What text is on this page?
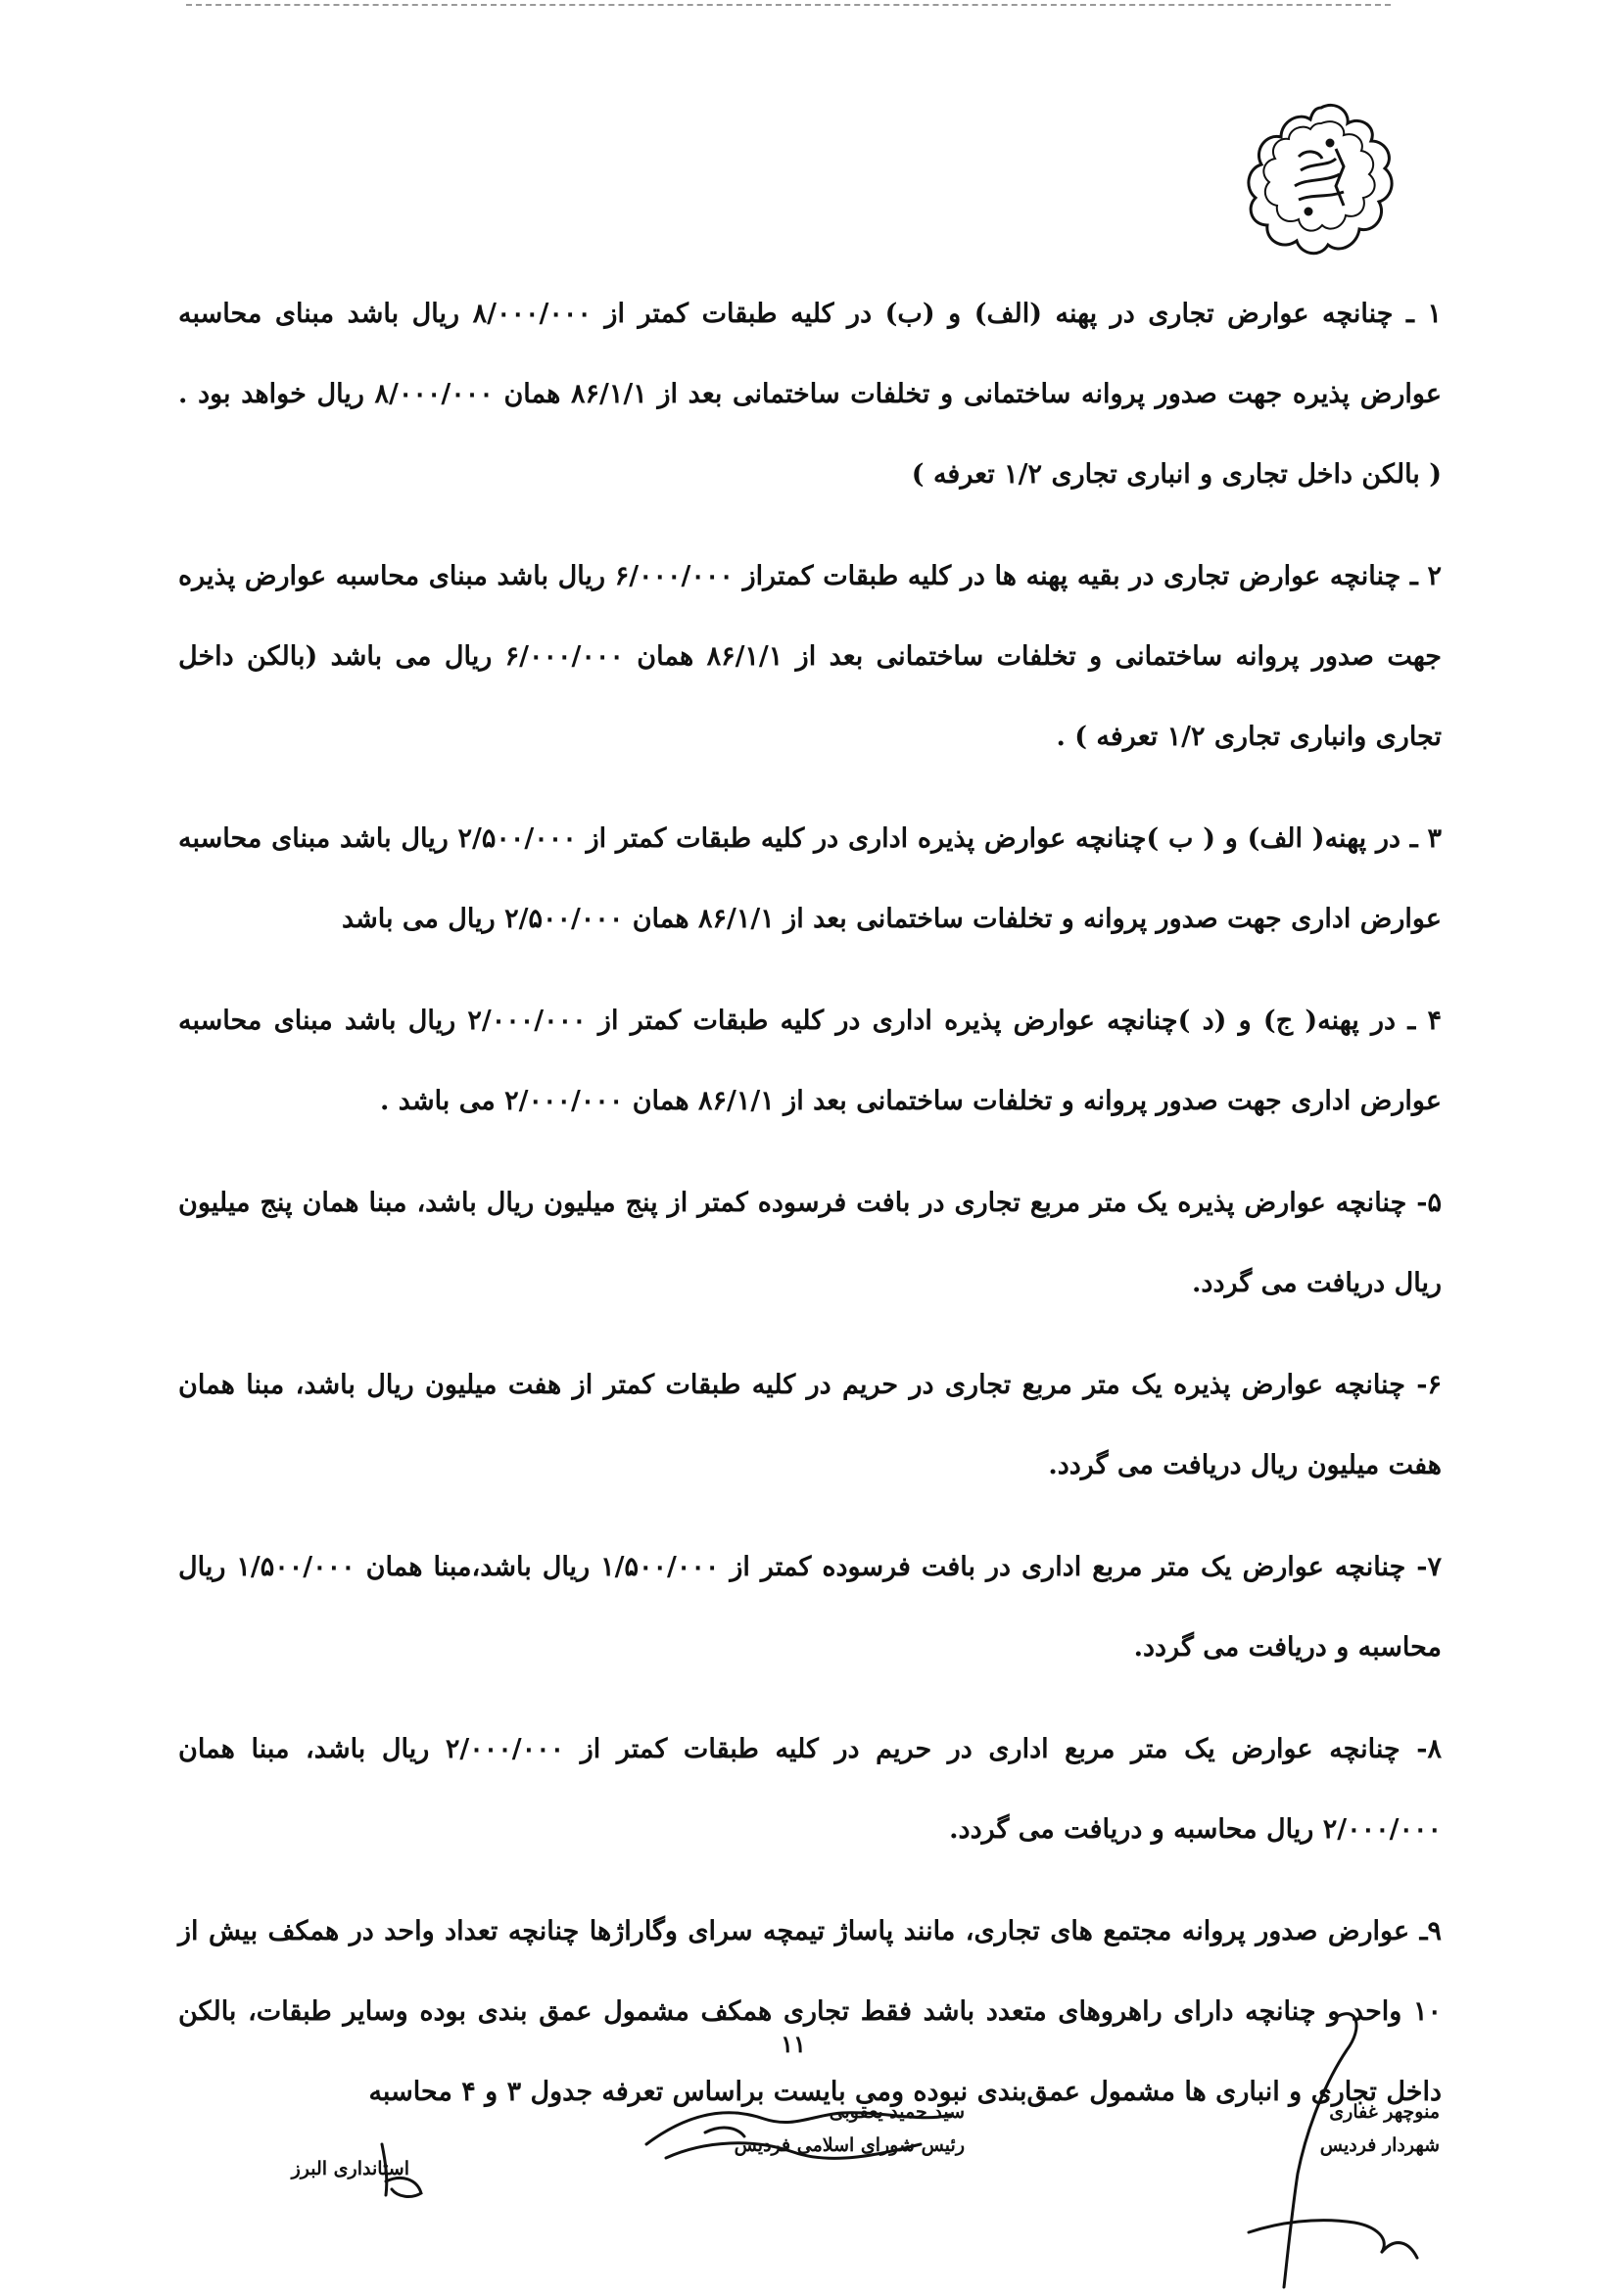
۱ ـ چنانچه عوارض تجاری در پهنه (الف) و (ب) در کلیه طبقات کمتر از ۸/۰۰۰/۰۰۰ ریال باشد مبنای محاسبه عوارض پذیره جهت صدور پروانه ساختمانی و تخلفات ساختمانی بعد از ۸۶/۱/۱ همان ۸/۰۰۰/۰۰۰ ریال خواهد بود . ( بالکن داخل تجاری و انباری تجاری ۱/۲ تعرفه )

۲ ـ چنانچه عوارض تجاری در بقیه پهنه ها در کلیه طبقات کمتراز ۶/۰۰۰/۰۰۰ ریال باشد مبنای محاسبه عوارض پذیره جهت صدور پروانه ساختمانی و تخلفات ساختمانی بعد از ۸۶/۱/۱ همان ۶/۰۰۰/۰۰۰ ریال می باشد (بالکن داخل تجاری وانباری تجاری ۱/۲ تعرفه ) .

۳ ـ در پهنه( الف) و ( ب )چنانچه عوارض پذیره اداری در کلیه طبقات کمتر از ۲/۵۰۰/۰۰۰ ریال باشد مبنای محاسبه عوارض اداری جهت صدور پروانه و تخلفات ساختمانی بعد از ۸۶/۱/۱ همان ۲/۵۰۰/۰۰۰ ریال می باشد

۴ ـ در پهنه( ج) و (د )چنانچه عوارض پذیره اداری در کلیه طبقات کمتر از ۲/۰۰۰/۰۰۰ ریال باشد مبنای محاسبه عوارض اداری جهت صدور پروانه و تخلفات ساختمانی بعد از ۸۶/۱/۱ همان ۲/۰۰۰/۰۰۰ می باشد .

۵- چنانچه عوارض پذیره یک متر مربع تجاری در بافت فرسوده کمتر از پنج میلیون ریال باشد، مبنا همان پنج میلیون ریال دریافت می گردد.

۶- چنانچه عوارض پذیره یک متر مربع تجاری در حریم در کلیه طبقات کمتر از هفت میلیون ریال باشد، مبنا همان هفت میلیون ریال دریافت می گردد.

۷- چنانچه عوارض یک متر مربع اداری در بافت فرسوده کمتر از ۱/۵۰۰/۰۰۰ ریال باشد،مبنا همان ۱/۵۰۰/۰۰۰ ریال محاسبه و دریافت می گردد.

۸- چنانچه عوارض یک متر مربع اداری در حریم در کلیه طبقات کمتر از ۲/۰۰۰/۰۰۰ ریال باشد، مبنا همان ۲/۰۰۰/۰۰۰ ریال محاسبه و دریافت می گردد.

۹ـ عوارض صدور پروانه مجتمع های تجاری، مانند پاساژ تیمچه سرای وگاراژها چنانچه تعداد واحد در همکف بیش از ۱۰ واحد و چنانچه دارای راهروهای متعدد باشد فقط تجاری همکف مشمول عمق بندی بوده وسایر طبقات، بالکن داخل تجاری و انباری ها مشمول عمق‌بندی نبوده ومی بایست براساس تعرفه جدول ۳ و ۴ محاسبه

۱۱
منوچهر غفاری
شهردار فردیس
سید حمید یعقوبی
رئیس شورای اسلامی فردیس
استانداری البرز
